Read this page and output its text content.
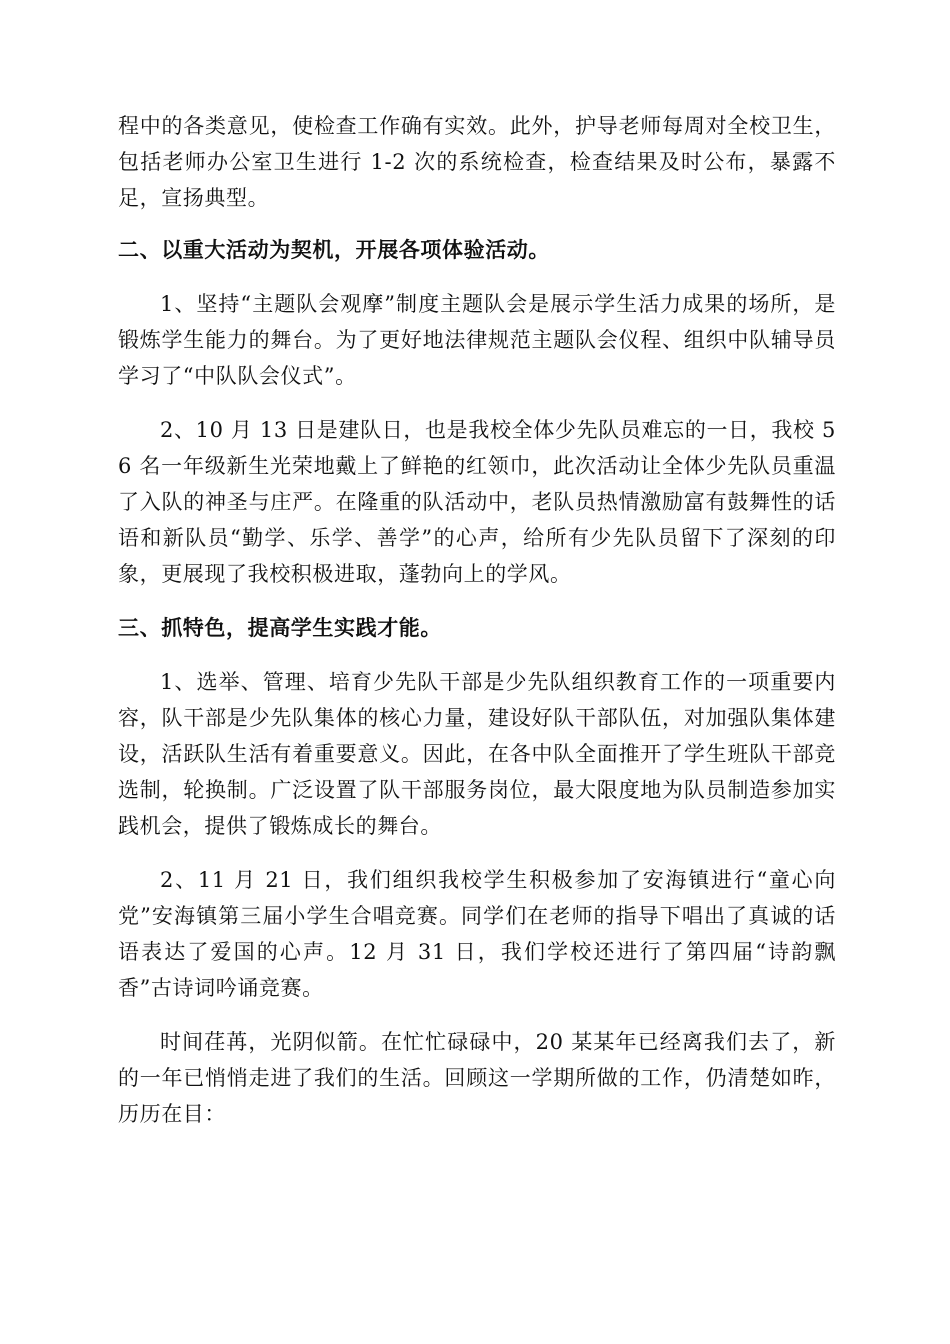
程中的各类意见，使检查工作确有实效。此外，护导老师每周对全校卫生，包括老师办公室卫生进行 1-2 次的系统检查，检查结果及时公布，暴露不足，宣扬典型。

二、以重大活动为契机，开展各项体验活动。

1、坚持“主题队会观摩”制度主题队会是展示学生活力成果的场所，是锻炼学生能力的舞台。为了更好地法律规范主题队会仪程、组织中队辅导员学习了“中队队会仪式”。

2、10 月 13 日是建队日，也是我校全体少先队员难忘的一日，我校 56 名一年级新生光荣地戴上了鲜艳的红领巾，此次活动让全体少先队员重温了入队的神圣与庄严。在隆重的队活动中，老队员热情激励富有鼓舞性的话语和新队员“勤学、乐学、善学”的心声，给所有少先队员留下了深刻的印象，更展现了我校积极进取，蓬勃向上的学风。

三、抓特色，提高学生实践才能。

1、选举、管理、培育少先队干部是少先队组织教育工作的一项重要内容，队干部是少先队集体的核心力量，建设好队干部队伍，对加强队集体建设，活跃队生活有着重要意义。因此，在各中队全面推开了学生班队干部竞选制，轮换制。广泛设置了队干部服务岗位，最大限度地为队员制造参加实践机会，提供了锻炼成长的舞台。

2、11 月 21 日，我们组织我校学生积极参加了安海镇进行“童心向党”安海镇第三届小学生合唱竞赛。同学们在老师的指导下唱出了真诚的话语表达了爱国的心声。12 月 31 日，我们学校还进行了第四届“诗韵飘香”古诗词吟诵竞赛。

时间荏苒，光阴似箭。在忙忙碌碌中，20 某某年已经离我们去了，新的一年已悄悄走进了我们的生活。回顾这一学期所做的工作，仍清楚如昨，历历在目：
